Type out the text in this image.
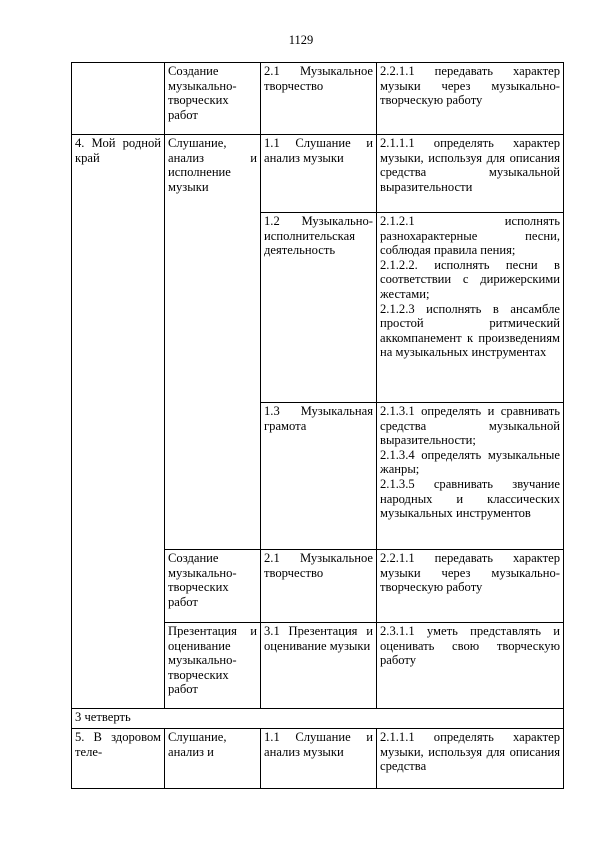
1129
	Создание музыкально-творческих работ	2.1 Музыкальное творчество	2.2.1.1 передавать характер музыки через музыкально-творческую работу

4. Мой родной край	Слушание, анализ и исполнение музыки	1.1 Слушание и анализ музыки	2.1.1.1 определять характер музыки, используя для описания средства музыкальной выразительности

		1.2 Музыкально-исполнительская деятельность	2.1.2.1 исполнять разнохарактерные песни, соблюдая правила пения;
2.1.2.2. исполнять песни в соответствии с дирижерскими жестами;
2.1.2.3 исполнять в ансамбле простой ритмический аккомпанемент к произведениям на музыкальных инструментах

		1.3 Музыкальная грамота	2.1.3.1 определять и сравнивать средства музыкальной выразительности;
2.1.3.4 определять музыкальные жанры;
2.1.3.5 сравнивать звучание народных и классических музыкальных инструментов

	Создание музыкально-творческих работ	2.1 Музыкальное творчество	2.2.1.1 передавать характер музыки через музыкально-творческую работу

	Презентация и оценивание музыкально-творческих работ	3.1 Презентация и оценивание музыки	2.3.1.1 уметь представлять и оценивать свою творческую работу

3 четверть			
5. В здоровом теле-	Слушание, анализ и	1.1 Слушание и анализ музыки	2.1.1.1 определять характер музыки, используя для описания средства
